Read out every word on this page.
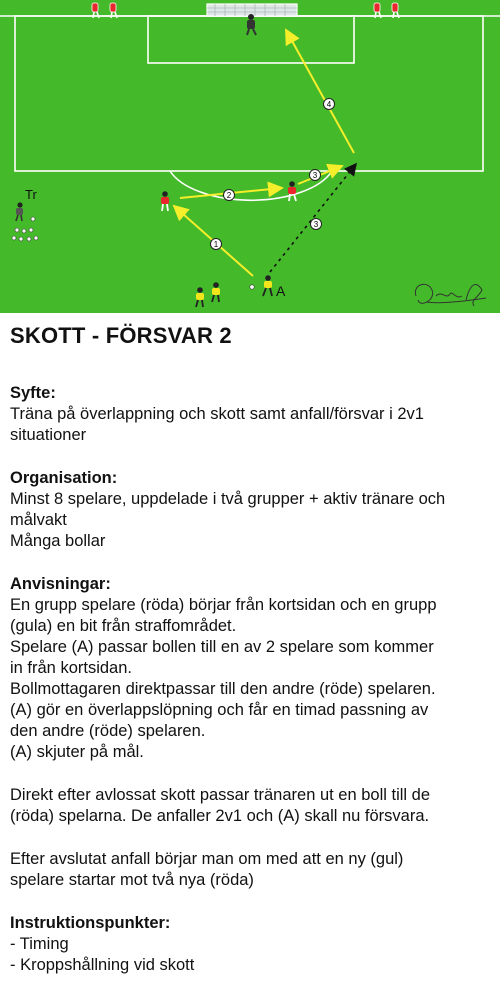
1
2
3
3
4
Tr
A
SKOTT - FÖRSVAR 2
Syfte:
Träna på överlappning och skott samt anfall/försvar i 2v1
situationer
Organisation:
Minst 8 spelare, uppdelade i två grupper + aktiv tränare och
målvakt
Många bollar
Anvisningar:
En grupp spelare (röda) börjar från kortsidan och en grupp
(gula) en bit från straffområdet.
Spelare (A) passar bollen till en av 2 spelare som kommer
in från kortsidan.
Bollmottagaren direktpassar till den andre (röde) spelaren.
(A) gör en överlappslöpning och får en timad passning av
den andre (röde) spelaren.
(A) skjuter på mål.
Direkt efter avlossat skott passar tränaren ut en boll till de
(röda) spelarna. De anfaller 2v1 och (A) skall nu försvara.
Efter avslutat anfall börjar man om med att en ny (gul)
spelare startar mot två nya (röda)
Instruktionspunkter:
- Timing
- Kroppshållning vid skott
